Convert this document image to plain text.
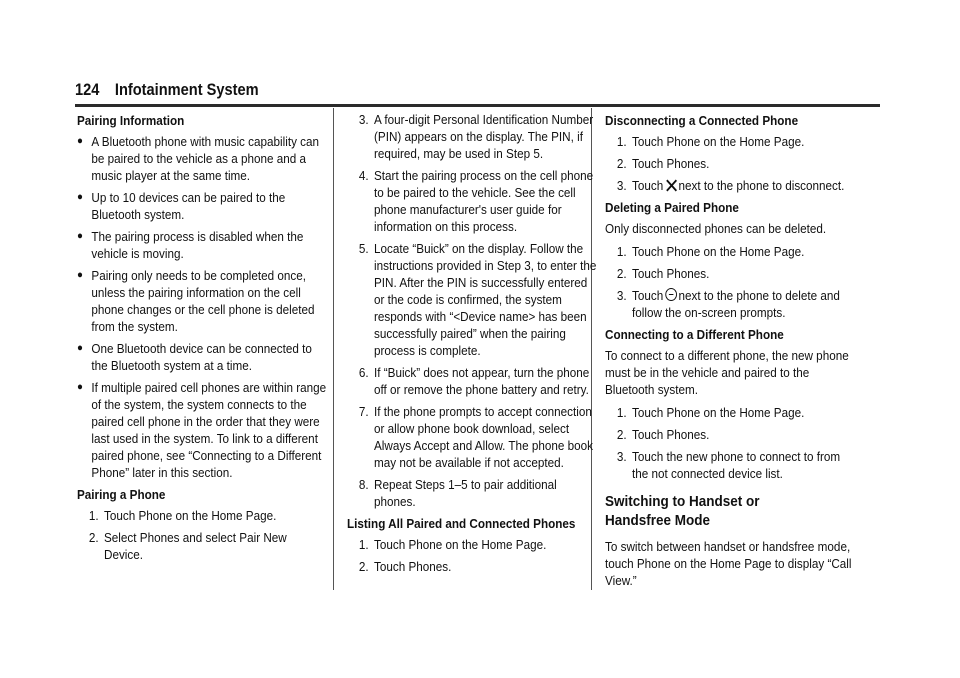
124 Infotainment System
Pairing Information
● A Bluetooth phone with music capability can be paired to the vehicle as a phone and a music player at the same time.
● Up to 10 devices can be paired to the Bluetooth system.
● The pairing process is disabled when the vehicle is moving.
● Pairing only needs to be completed once, unless the pairing information on the cell phone changes or the cell phone is deleted from the system.
● One Bluetooth device can be connected to the Bluetooth system at a time.
● If multiple paired cell phones are within range of the system, the system connects to the paired cell phone in the order that they were last used in the system. To link to a different paired phone, see “Connecting to a Different Phone” later in this section.
Pairing a Phone
1. Touch Phone on the Home Page.
2. Select Phones and select Pair New Device.
3. A four-digit Personal Identification Number (PIN) appears on the display. The PIN, if required, may be used in Step 5.
4. Start the pairing process on the cell phone to be paired to the vehicle. See the cell phone manufacturer's user guide for information on this process.
5. Locate “Buick” on the display. Follow the instructions provided in Step 3, to enter the PIN. After the PIN is successfully entered or the code is confirmed, the system responds with “<Device name> has been successfully paired” when the pairing process is complete.
6. If “Buick” does not appear, turn the phone off or remove the phone battery and retry.
7. If the phone prompts to accept connection or allow phone book download, select Always Accept and Allow. The phone book may not be available if not accepted.
8. Repeat Steps 1–5 to pair additional phones.
Listing All Paired and Connected Phones
1. Touch Phone on the Home Page.
2. Touch Phones.
Disconnecting a Connected Phone
1. Touch Phone on the Home Page.
2. Touch Phones.
3. Touch next to the phone to disconnect.
Deleting a Paired Phone
Only disconnected phones can be deleted.
1. Touch Phone on the Home Page.
2. Touch Phones.
3. Touch next to the phone to delete and follow the on-screen prompts.
Connecting to a Different Phone
To connect to a different phone, the new phone must be in the vehicle and paired to the Bluetooth system.
1. Touch Phone on the Home Page.
2. Touch Phones.
3. Touch the new phone to connect to from the not connected device list.
Switching to Handset or
Handsfree Mode
To switch between handset or handsfree mode, touch Phone on the Home Page to display “Call View.”
